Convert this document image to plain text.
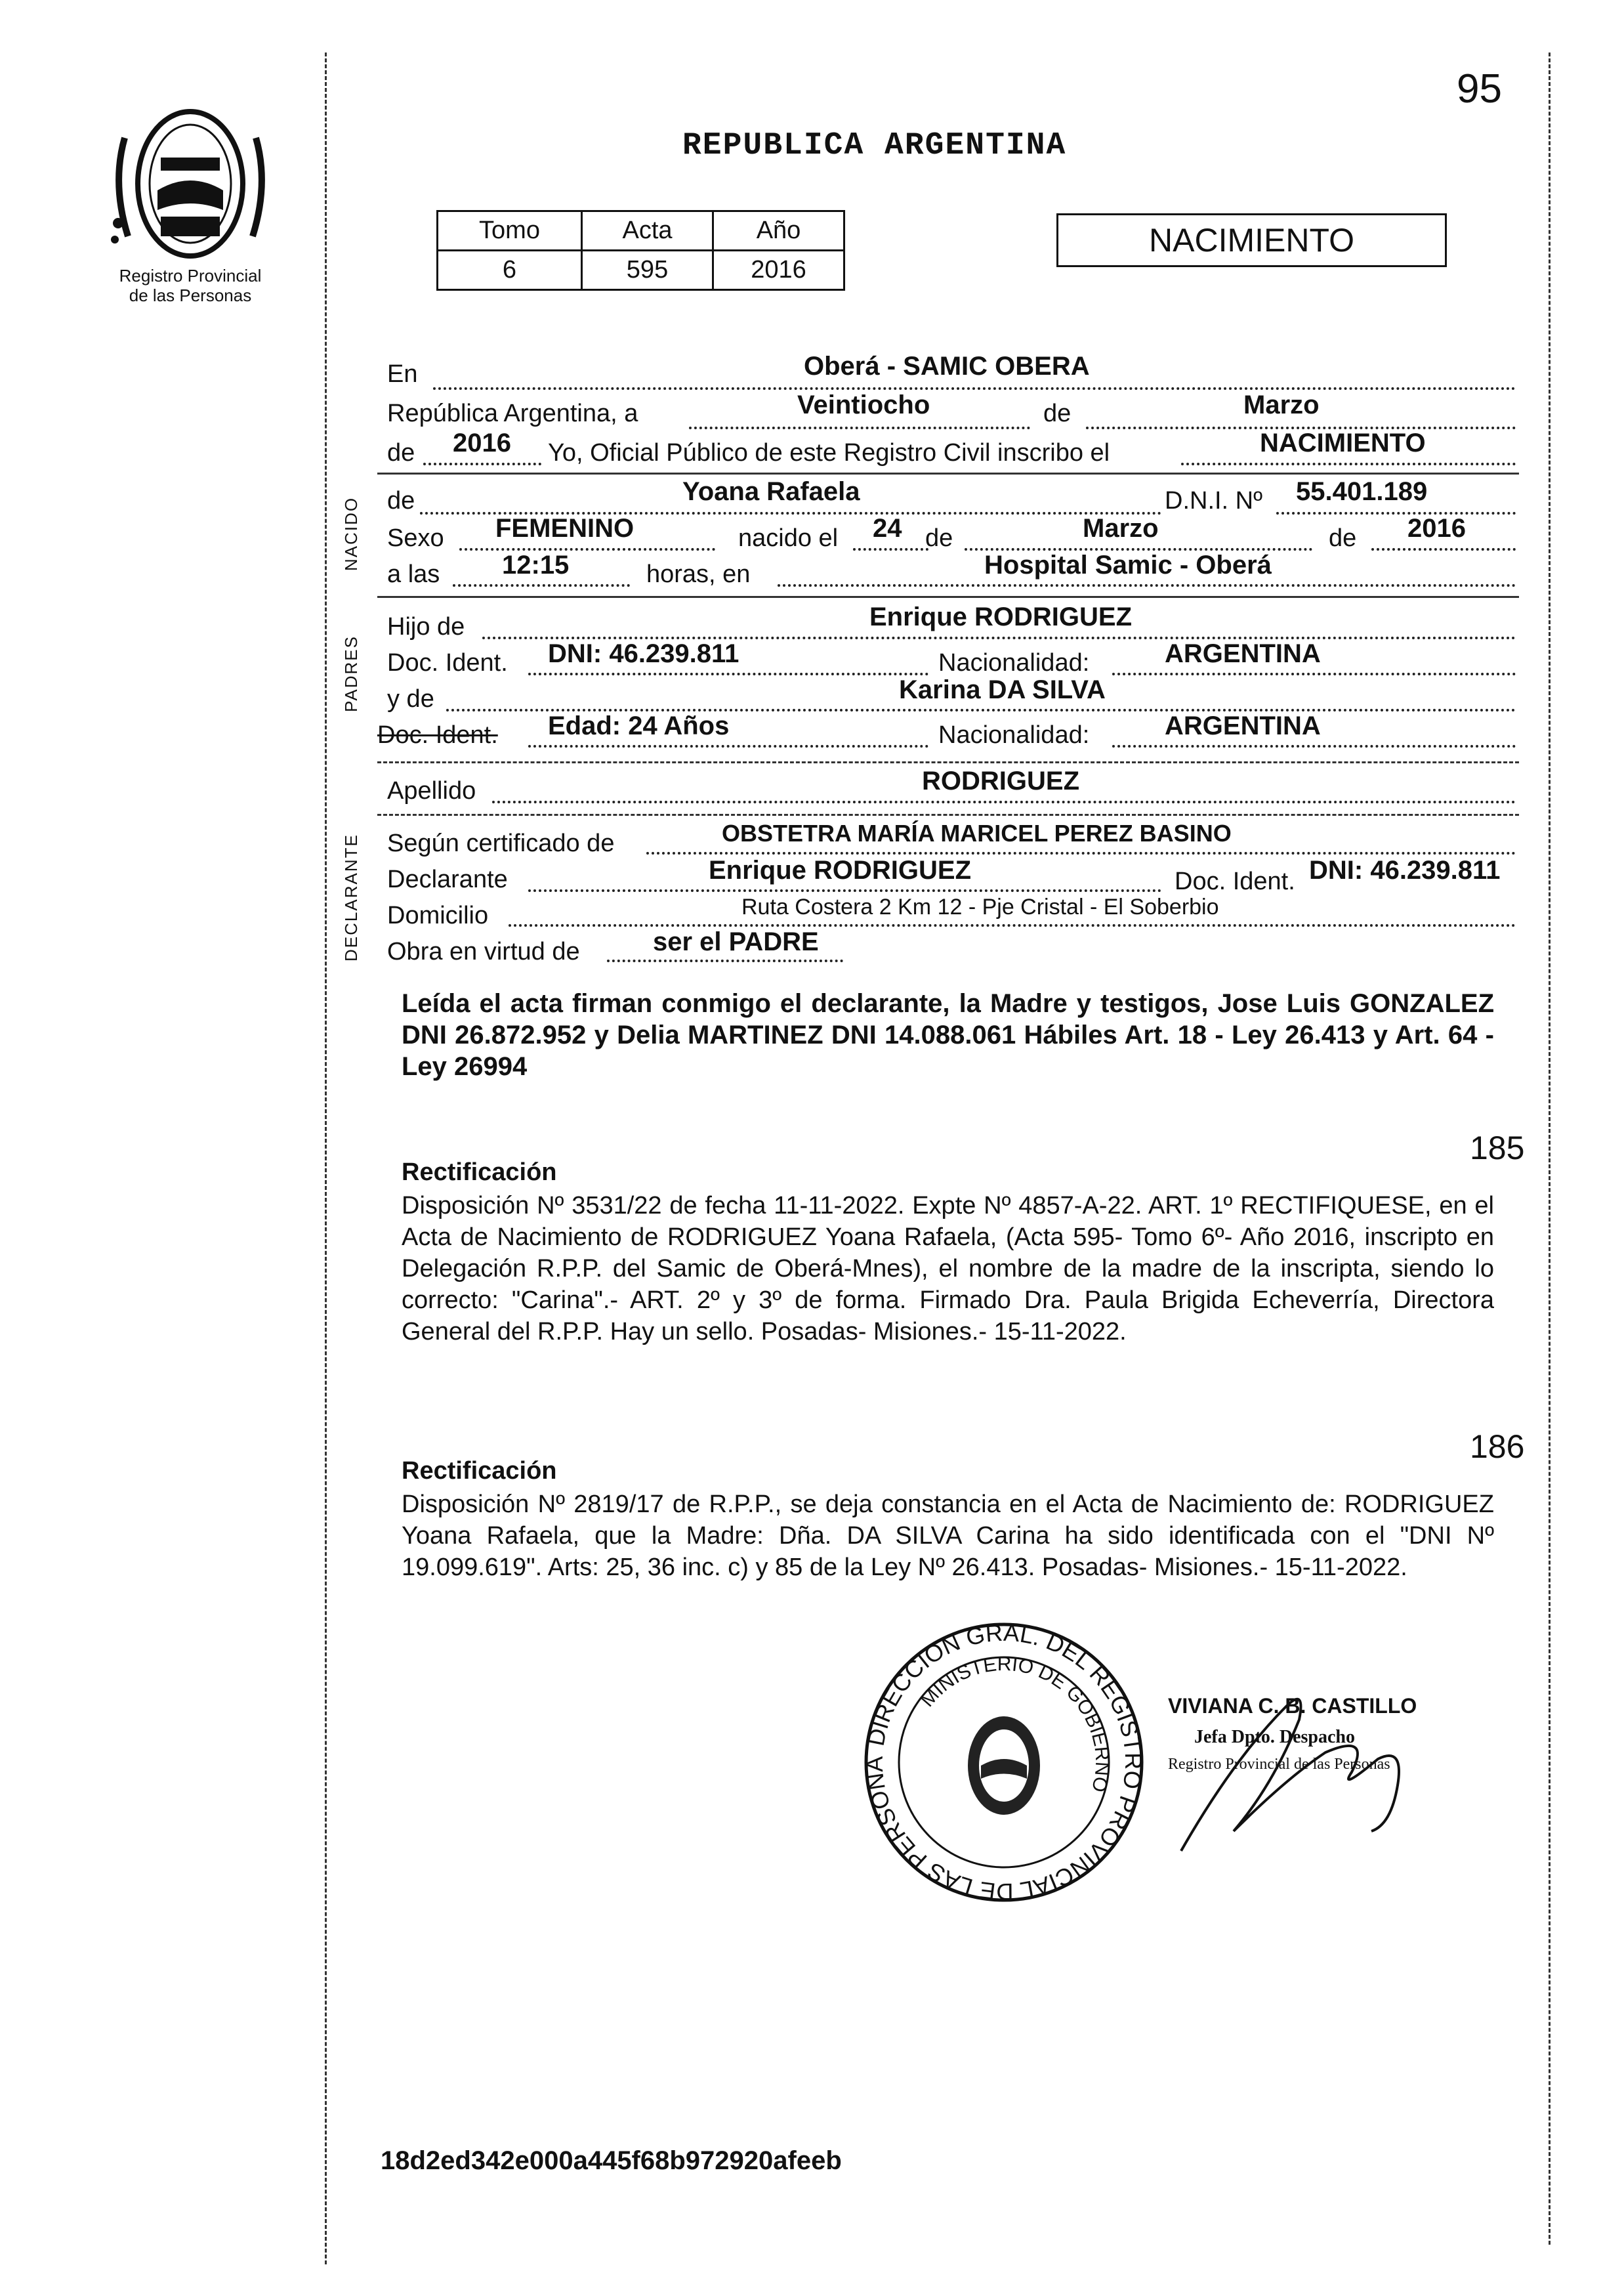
Registro Provincial
de las Personas
95
REPUBLICA ARGENTINA
Tomo	Acta	Año
6	595	2016
NACIMIENTO
En	Oberá - SAMIC OBERA
República Argentina, a	Veintiocho	de	Marzo
de 2016 Yo, Oficial Público de este Registro Civil inscribo el	NACIMIENTO
NACIDO de	Yoana Rafaela	D.N.I. Nº 55.401.189
Sexo FEMENINO	nacido el 24 de	Marzo	de 2016
a las 12:15	horas, en	Hospital Samic - Oberá
PADRES
Hijo de	Enrique RODRIGUEZ
Doc. Ident. DNI: 46.239.811	Nacionalidad:	ARGENTINA
y de	Karina DA SILVA
Doc. Ident. Edad: 24 Años	Nacionalidad:	ARGENTINA
Apellido	RODRIGUEZ
DECLARANTE Según certificado de	OBSTETRA MARÍA MARICEL PEREZ BASINO
Declarante	Enrique RODRIGUEZ	Doc. Ident. DNI: 46.239.811
Domicilio	Ruta Costera 2 Km 12 - Pje Cristal - El Soberbio
Obra en virtud de	ser el PADRE
Leída el acta firman conmigo el declarante, la Madre y testigos, Jose Luis GONZALEZ DNI 26.872.952 y Delia MARTINEZ DNI 14.088.061 Hábiles Art. 18 - Ley 26.413 y Art. 64 - Ley 26994
185
Rectificación
Disposición Nº 3531/22 de fecha 11-11-2022. Expte Nº 4857-A-22. ART. 1º RECTIFIQUESE, en el Acta de Nacimiento de RODRIGUEZ Yoana Rafaela, (Acta 595- Tomo 6º- Año 2016, inscripto en Delegación R.P.P. del Samic de Oberá-Mnes), el nombre de la madre de la inscripta, siendo lo correcto: "Carina".- ART. 2º y 3º de forma. Firmado Dra. Paula Brigida Echeverría, Directora General del R.P.P. Hay un sello. Posadas- Misiones.- 15-11-2022.
186
Rectificación
Disposición Nº 2819/17 de R.P.P., se deja constancia en el Acta de Nacimiento de: RODRIGUEZ Yoana Rafaela, que la Madre: Dña. DA SILVA Carina ha sido identificada con el "DNI Nº 19.099.619". Arts: 25, 36 inc. c) y 85 de la Ley Nº 26.413. Posadas- Misiones.- 15-11-2022.
DIRECCION GRAL. DEL REGISTRO PROVINCIAL DE LAS PERSONA
MINISTERIO DE GOBIERNO
VIVIANA C. B. CASTILLO
Jefa Dpto. Despacho
Registro Provincial de las Personas
18d2ed342e000a445f68b972920afeeb
